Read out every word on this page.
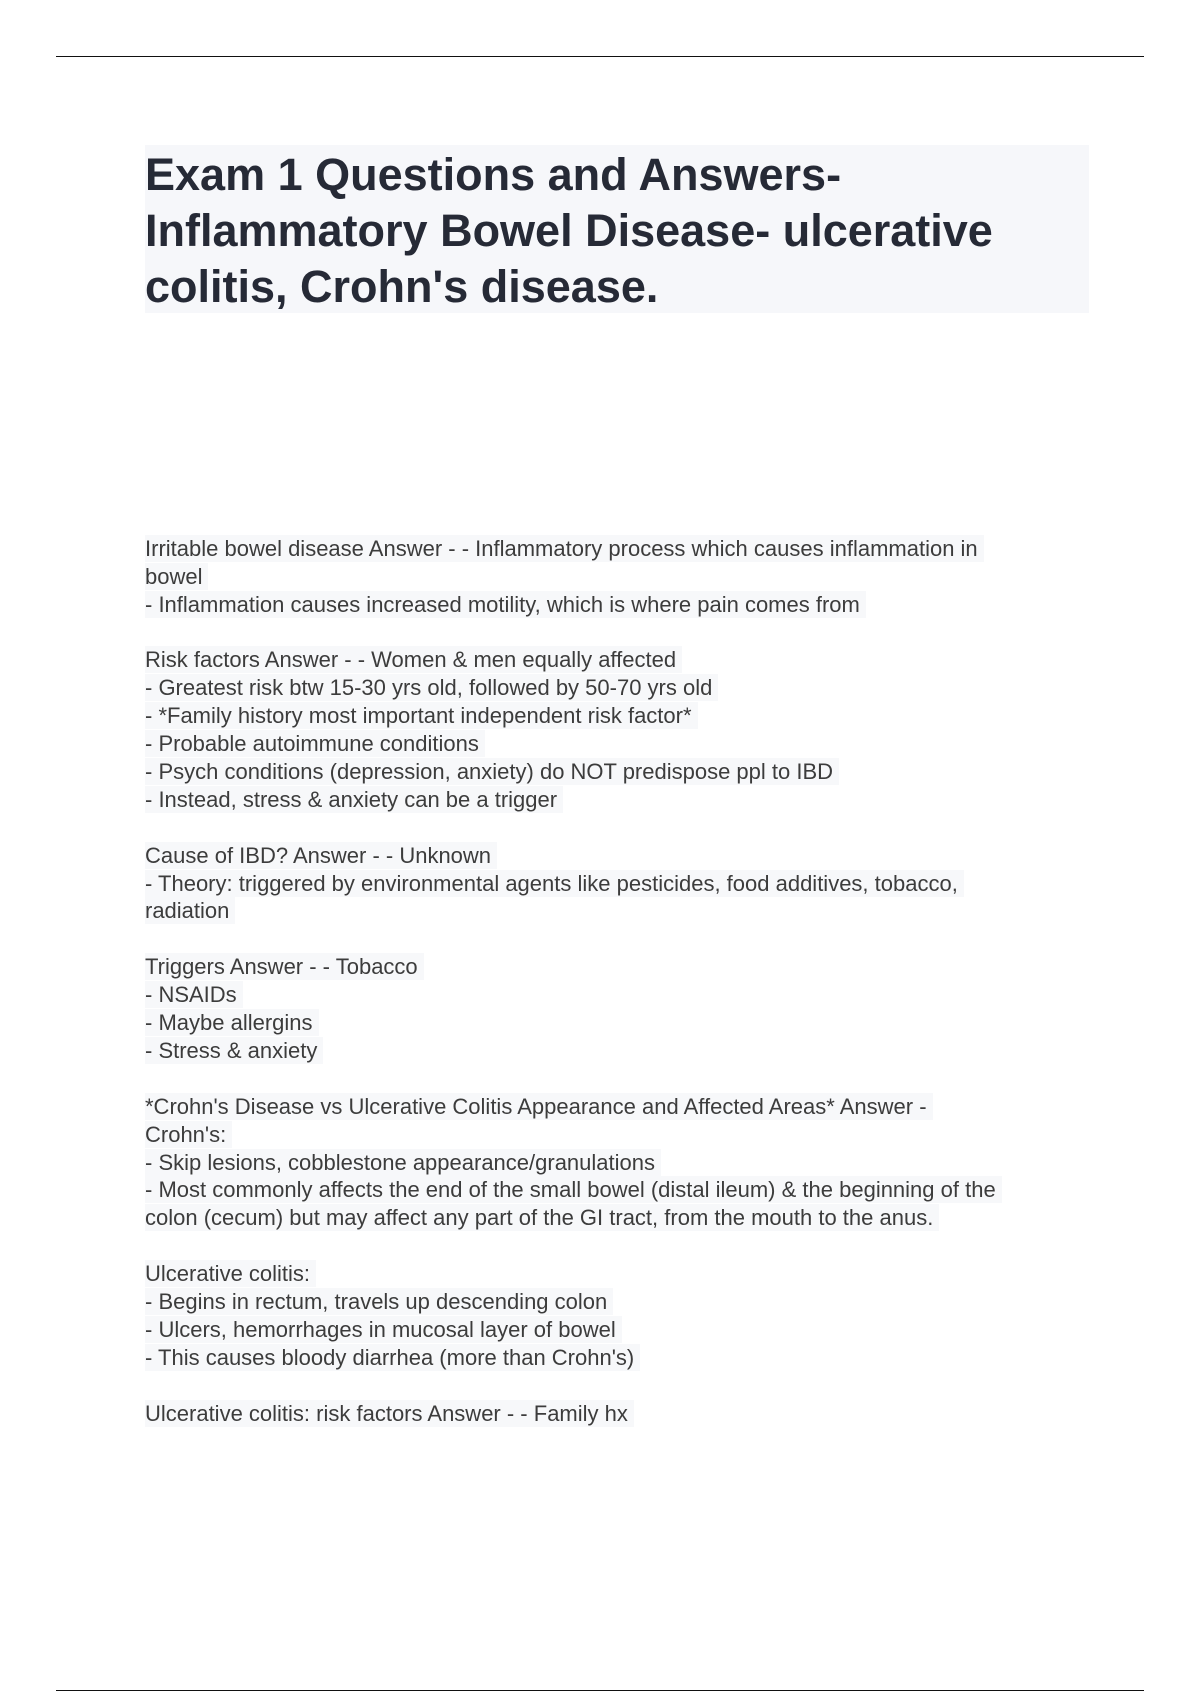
Exam 1 Questions and Answers-
Inflammatory Bowel Disease- ulcerative
colitis, Crohn's disease.
Irritable bowel disease Answer - - Inflammatory process which causes inflammation in
bowel
- Inflammation causes increased motility, which is where pain comes from
Risk factors Answer - - Women & men equally affected
- Greatest risk btw 15-30 yrs old, followed by 50-70 yrs old
- *Family history most important independent risk factor*
- Probable autoimmune conditions
- Psych conditions (depression, anxiety) do NOT predispose ppl to IBD
- Instead, stress & anxiety can be a trigger
Cause of IBD? Answer - - Unknown
- Theory: triggered by environmental agents like pesticides, food additives, tobacco,
radiation
Triggers Answer - - Tobacco
- NSAIDs
- Maybe allergins
- Stress & anxiety
*Crohn's Disease vs Ulcerative Colitis Appearance and Affected Areas* Answer -
Crohn's:
- Skip lesions, cobblestone appearance/granulations
- Most commonly affects the end of the small bowel (distal ileum) & the beginning of the
colon (cecum) but may affect any part of the GI tract, from the mouth to the anus.
Ulcerative colitis:
- Begins in rectum, travels up descending colon
- Ulcers, hemorrhages in mucosal layer of bowel
- This causes bloody diarrhea (more than Crohn's)
Ulcerative colitis: risk factors Answer - - Family hx
